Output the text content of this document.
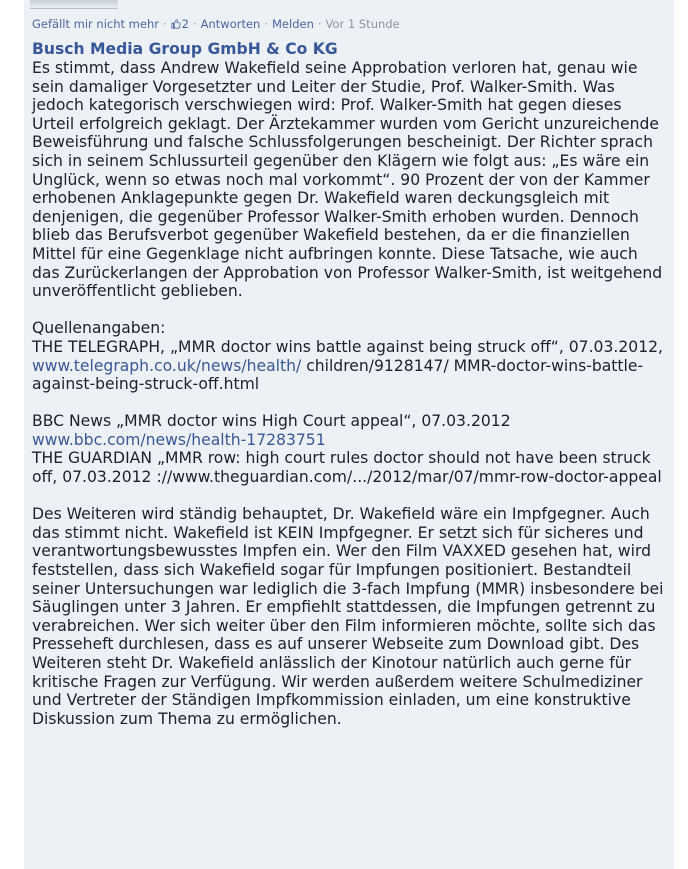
Gefällt mir nicht mehr · 2 · Antworten · Melden · Vor 1 Stunde
Busch Media Group GmbH & Co KG

Es stimmt, dass Andrew Wakefield seine Approbation verloren hat, genau wie sein damaliger Vorgesetzter und Leiter der Studie, Prof. Walker-Smith. Was jedoch kategorisch verschwiegen wird: Prof. Walker-Smith hat gegen dieses Urteil erfolgreich geklagt. Der Ärztekammer wurden vom Gericht unzureichende Beweisführung und falsche Schlussfolgerungen bescheinigt. Der Richter sprach sich in seinem Schlussurteil gegenüber den Klägern wie folgt aus: „Es wäre ein Unglück, wenn so etwas noch mal vorkommt“. 90 Prozent der von der Kammer erhobenen Anklagepunkte gegen Dr. Wakefield waren deckungsgleich mit denjenigen, die gegenüber Professor Walker-Smith erhoben wurden. Dennoch blieb das Berufsverbot gegenüber Wakefield bestehen, da er die finanziellen Mittel für eine Gegenklage nicht aufbringen konnte. Diese Tatsache, wie auch das Zurückerlangen der Approbation von Professor Walker-Smith, ist weitgehend unveröffentlicht geblieben.

Quellenangaben:

THE TELEGRAPH, „MMR doctor wins battle against being struck off“, 07.03.2012, www.telegraph.co.uk/news/health/ children/9128147/ MMR-doctor-wins-battle-against-being-struck-off.html

BBC News „MMR doctor wins High Court appeal“, 07.03.2012

www.bbc.com/news/health-17283751

THE GUARDIAN „MMR row: high court rules doctor should not have been struck off, 07.03.2012 ://www.theguardian.com/.../2012/mar/07/mmr-row-doctor-appeal

Des Weiteren wird ständig behauptet, Dr. Wakefield wäre ein Impfgegner. Auch das stimmt nicht. Wakefield ist KEIN Impfgegner. Er setzt sich für sicheres und verantwortungsbewusstes Impfen ein. Wer den Film VAXXED gesehen hat, wird feststellen, dass sich Wakefield sogar für Impfungen positioniert. Bestandteil seiner Untersuchungen war lediglich die 3-fach Impfung (MMR) insbesondere bei Säuglingen unter 3 Jahren. Er empfiehlt stattdessen, die Impfungen getrennt zu verabreichen. Wer sich weiter über den Film informieren möchte, sollte sich das Presseheft durchlesen, dass es auf unserer Webseite zum Download gibt. Des Weiteren steht Dr. Wakefield anlässlich der Kinotour natürlich auch gerne für kritische Fragen zur Verfügung. Wir werden außerdem weitere Schulmediziner und Vertreter der Ständigen Impfkommission einladen, um eine konstruktive Diskussion zum Thema zu ermöglichen.
